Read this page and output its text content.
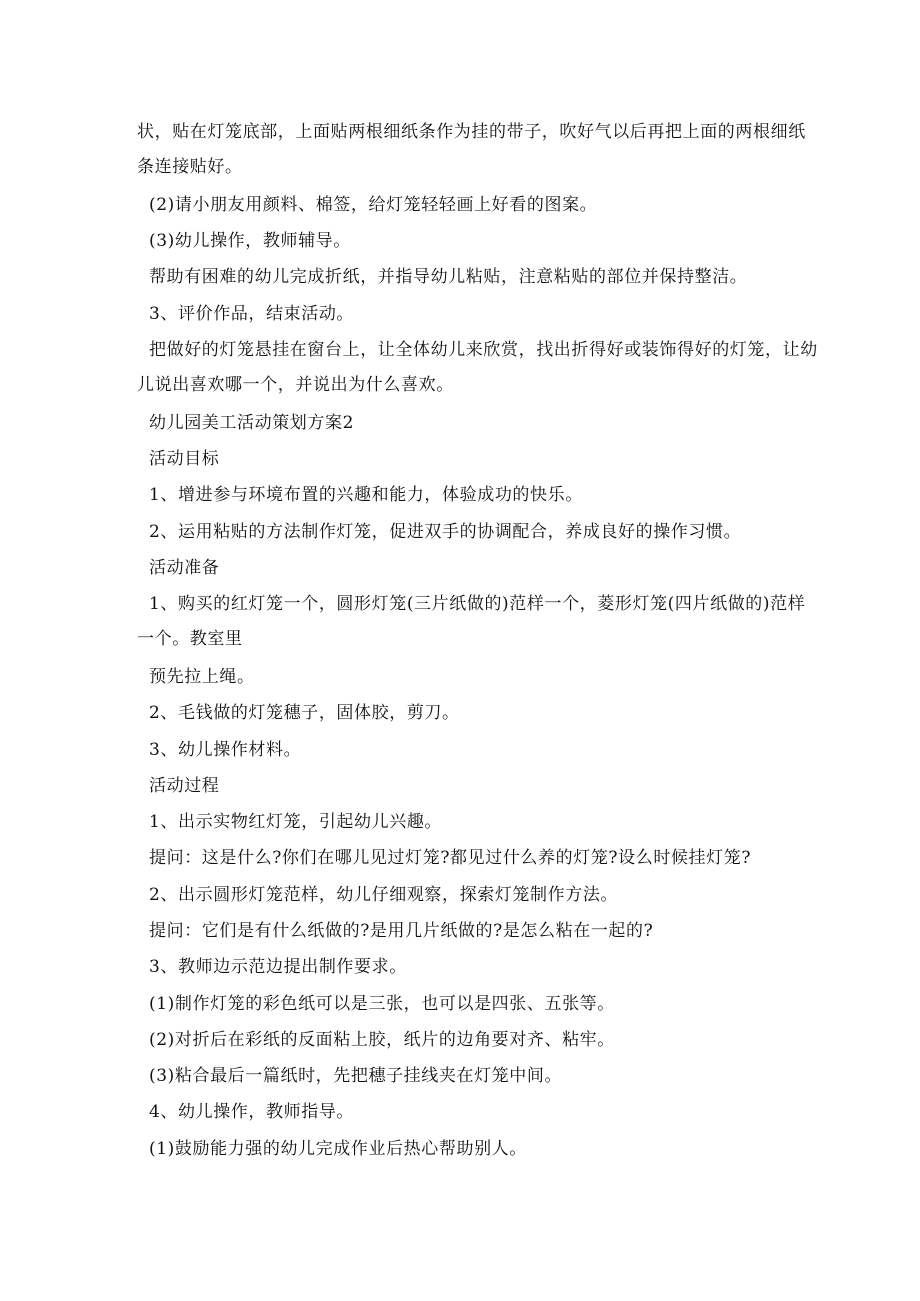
状，贴在灯笼底部，上面贴两根细纸条作为挂的带子，吹好气以后再把上面的两根细纸
条连接贴好。
(2)请小朋友用颜料、棉签，给灯笼轻轻画上好看的图案。
(3)幼儿操作，教师辅导。
帮助有困难的幼儿完成折纸，并指导幼儿粘贴，注意粘贴的部位并保持整洁。
3、评价作品，结束活动。
把做好的灯笼悬挂在窗台上，让全体幼儿来欣赏，找出折得好或装饰得好的灯笼，让幼
儿说出喜欢哪一个，并说出为什么喜欢。
幼儿园美工活动策划方案2
活动目标
1、增进参与环境布置的兴趣和能力，体验成功的快乐。
2、运用粘贴的方法制作灯笼，促进双手的协调配合，养成良好的操作习惯。
活动准备
1、购买的红灯笼一个，圆形灯笼(三片纸做的)范样一个，菱形灯笼(四片纸做的)范样
一个。教室里
预先拉上绳。
2、毛钱做的灯笼穗子，固体胶，剪刀。
3、幼儿操作材料。
活动过程
1、出示实物红灯笼，引起幼儿兴趣。
提问：这是什么?你们在哪儿见过灯笼?都见过什么养的灯笼?设么时候挂灯笼?
2、出示圆形灯笼范样，幼儿仔细观察，探索灯笼制作方法。
提问：它们是有什么纸做的?是用几片纸做的?是怎么粘在一起的?
3、教师边示范边提出制作要求。
(1)制作灯笼的彩色纸可以是三张，也可以是四张、五张等。
(2)对折后在彩纸的反面粘上胶，纸片的边角要对齐、粘牢。
(3)粘合最后一篇纸时，先把穗子挂线夹在灯笼中间。
4、幼儿操作，教师指导。
(1)鼓励能力强的幼儿完成作业后热心帮助别人。
